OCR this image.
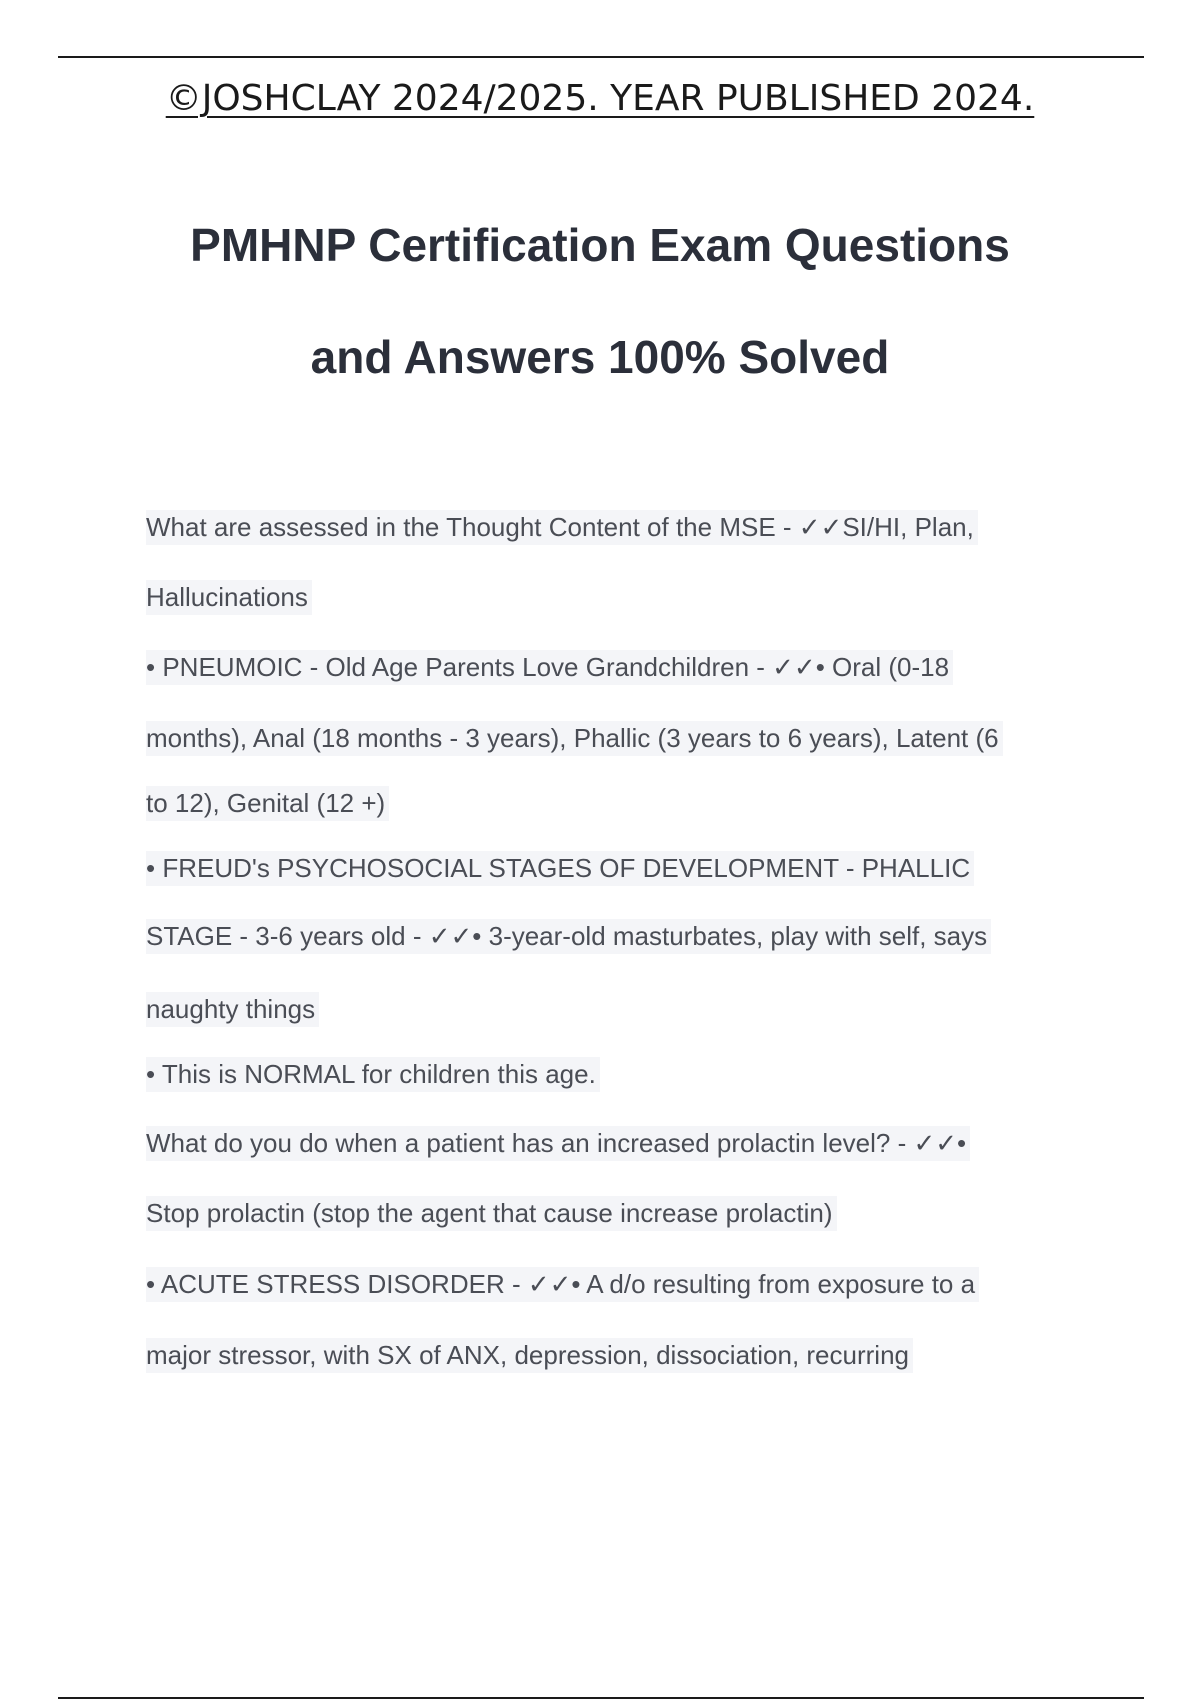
©JOSHCLAY 2024/2025. YEAR PUBLISHED 2024.
PMHNP Certification Exam Questions
and Answers 100% Solved
What are assessed in the Thought Content of the MSE - ✓✓SI/HI, Plan,
Hallucinations
• PNEUMOIC - Old Age Parents Love Grandchildren - ✓✓• Oral (0-18
months), Anal (18 months - 3 years), Phallic (3 years to 6 years), Latent (6
to 12), Genital (12 +)
• FREUD's PSYCHOSOCIAL STAGES OF DEVELOPMENT - PHALLIC
STAGE - 3-6 years old - ✓✓• 3-year-old masturbates, play with self, says
naughty things
• This is NORMAL for children this age.
What do you do when a patient has an increased prolactin level? - ✓✓•
Stop prolactin (stop the agent that cause increase prolactin)
• ACUTE STRESS DISORDER - ✓✓• A d/o resulting from exposure to a
major stressor, with SX of ANX, depression, dissociation, recurring
